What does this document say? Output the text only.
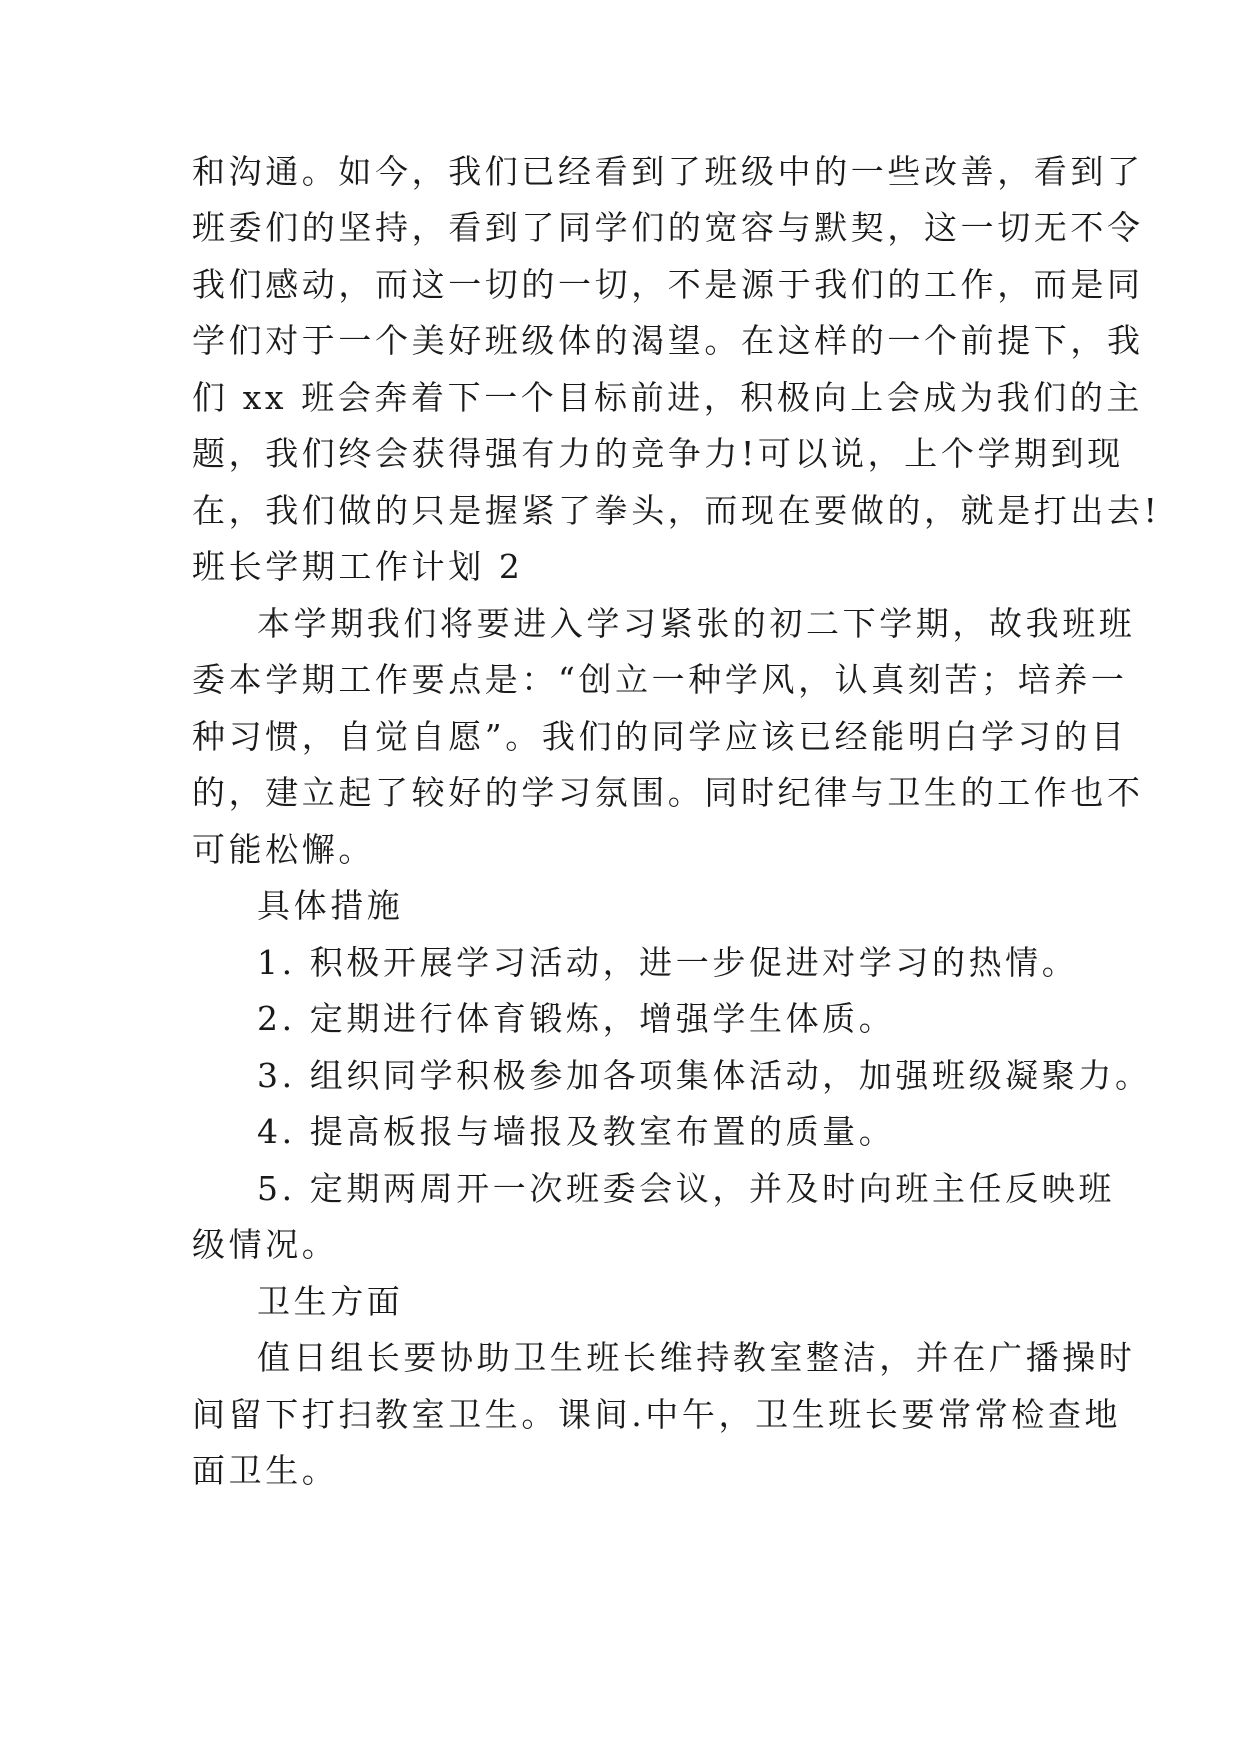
和沟通。如今，我们已经看到了班级中的一些改善，看到了
班委们的坚持，看到了同学们的宽容与默契，这一切无不令
我们感动，而这一切的一切，不是源于我们的工作，而是同
学们对于一个美好班级体的渴望。在这样的一个前提下，我
们 xx 班会奔着下一个目标前进，积极向上会成为我们的主
题，我们终会获得强有力的竞争力!可以说，上个学期到现
在，我们做的只是握紧了拳头，而现在要做的，就是打出去!
班长学期工作计划 2
本学期我们将要进入学习紧张的初二下学期，故我班班
委本学期工作要点是：“创立一种学风，认真刻苦；培养一
种习惯，自觉自愿”。我们的同学应该已经能明白学习的目
的，建立起了较好的学习氛围。同时纪律与卫生的工作也不
可能松懈。
具体措施
1. 积极开展学习活动，进一步促进对学习的热情。
2. 定期进行体育锻炼，增强学生体质。
3. 组织同学积极参加各项集体活动，加强班级凝聚力。
4. 提高板报与墙报及教室布置的质量。
5. 定期两周开一次班委会议，并及时向班主任反映班
级情况。
卫生方面
值日组长要协助卫生班长维持教室整洁，并在广播操时
间留下打扫教室卫生。课间.中午，卫生班长要常常检查地
面卫生。
